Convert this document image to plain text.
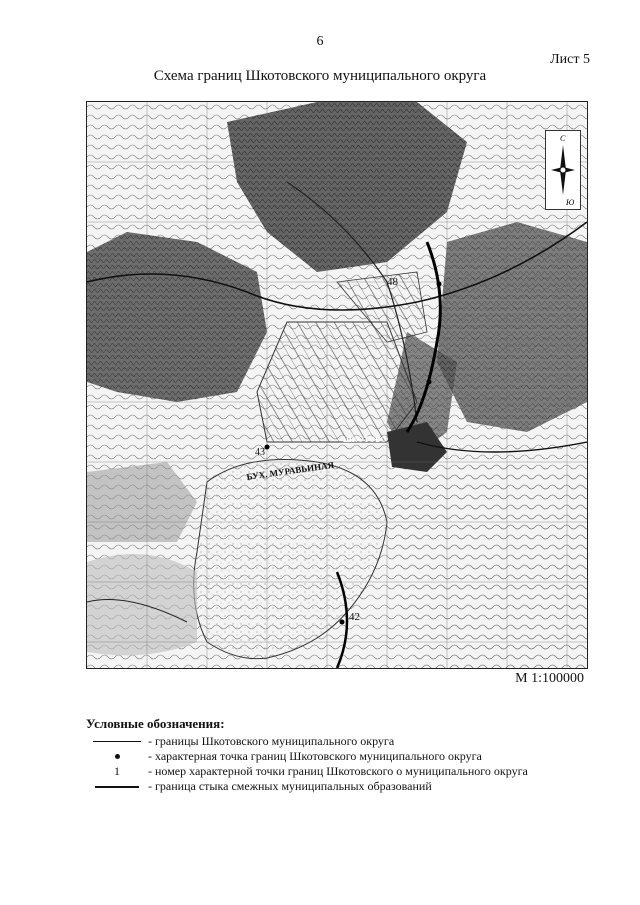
6
Лист 5
Схема границ Шкотовского муниципального округа
48
42
43
БУХ. МУРАВЬИНАЯ
ШКОТОВО
С
Ю
М 1:100000
Условные обозначения:
- границы Шкотовского муниципального округа
- характерная точка границ Шкотовского муниципального округа
1 - номер характерной точки границ Шкотовского о муниципального округа
- граница стыка смежных муниципальных образований
